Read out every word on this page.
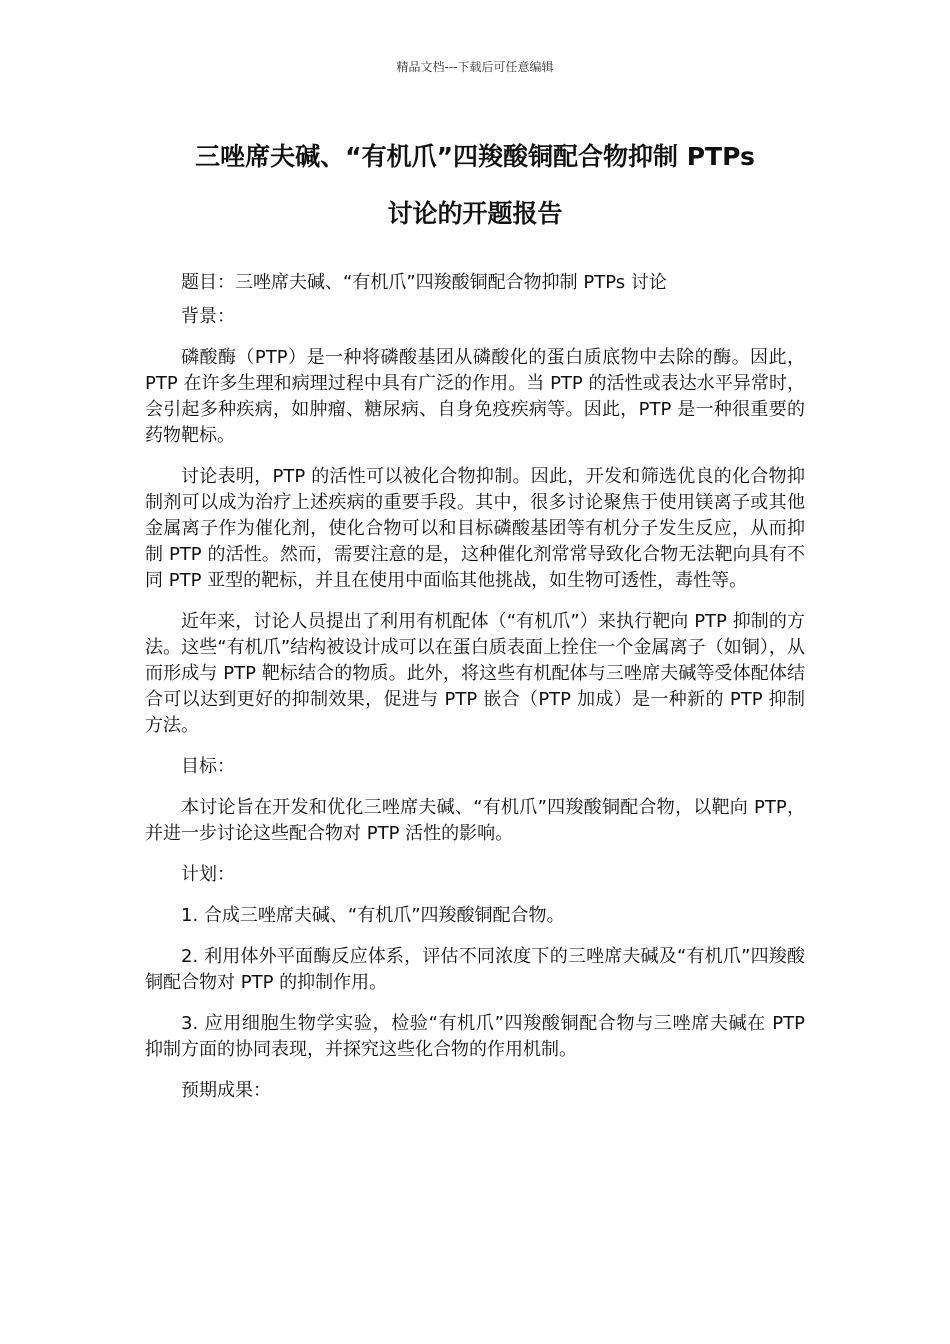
精品文档---下载后可任意编辑
三唑席夫碱、“有机爪”四羧酸铜配合物抑制 PTPs
讨论的开题报告

题目：三唑席夫碱、“有机爪”四羧酸铜配合物抑制 PTPs 讨论

背景：

磷酸酶（PTP）是一种将磷酸基团从磷酸化的蛋白质底物中去除的酶。因此，PTP 在许多生理和病理过程中具有广泛的作用。当 PTP 的活性或表达水平异常时，会引起多种疾病，如肿瘤、糖尿病、自身免疫疾病等。因此，PTP 是一种很重要的药物靶标。

讨论表明，PTP 的活性可以被化合物抑制。因此，开发和筛选优良的化合物抑制剂可以成为治疗上述疾病的重要手段。其中，很多讨论聚焦于使用镁离子或其他金属离子作为催化剂，使化合物可以和目标磷酸基团等有机分子发生反应，从而抑制 PTP 的活性。然而，需要注意的是，这种催化剂常常导致化合物无法靶向具有不同 PTP 亚型的靶标，并且在使用中面临其他挑战，如生物可透性，毒性等。

近年来，讨论人员提出了利用有机配体（“有机爪”）来执行靶向 PTP 抑制的方法。这些“有机爪”结构被设计成可以在蛋白质表面上拴住一个金属离子（如铜），从而形成与 PTP 靶标结合的物质。此外，将这些有机配体与三唑席夫碱等受体配体结合可以达到更好的抑制效果，促进与 PTP 嵌合（PTP 加成）是一种新的 PTP 抑制方法。

目标：

本讨论旨在开发和优化三唑席夫碱、“有机爪”四羧酸铜配合物，以靶向 PTP，并进一步讨论这些配合物对 PTP 活性的影响。

计划：

1. 合成三唑席夫碱、“有机爪”四羧酸铜配合物。

2. 利用体外平面酶反应体系，评估不同浓度下的三唑席夫碱及“有机爪”四羧酸铜配合物对 PTP 的抑制作用。

3. 应用细胞生物学实验，检验“有机爪”四羧酸铜配合物与三唑席夫碱在 PTP 抑制方面的协同表现，并探究这些化合物的作用机制。

预期成果：
